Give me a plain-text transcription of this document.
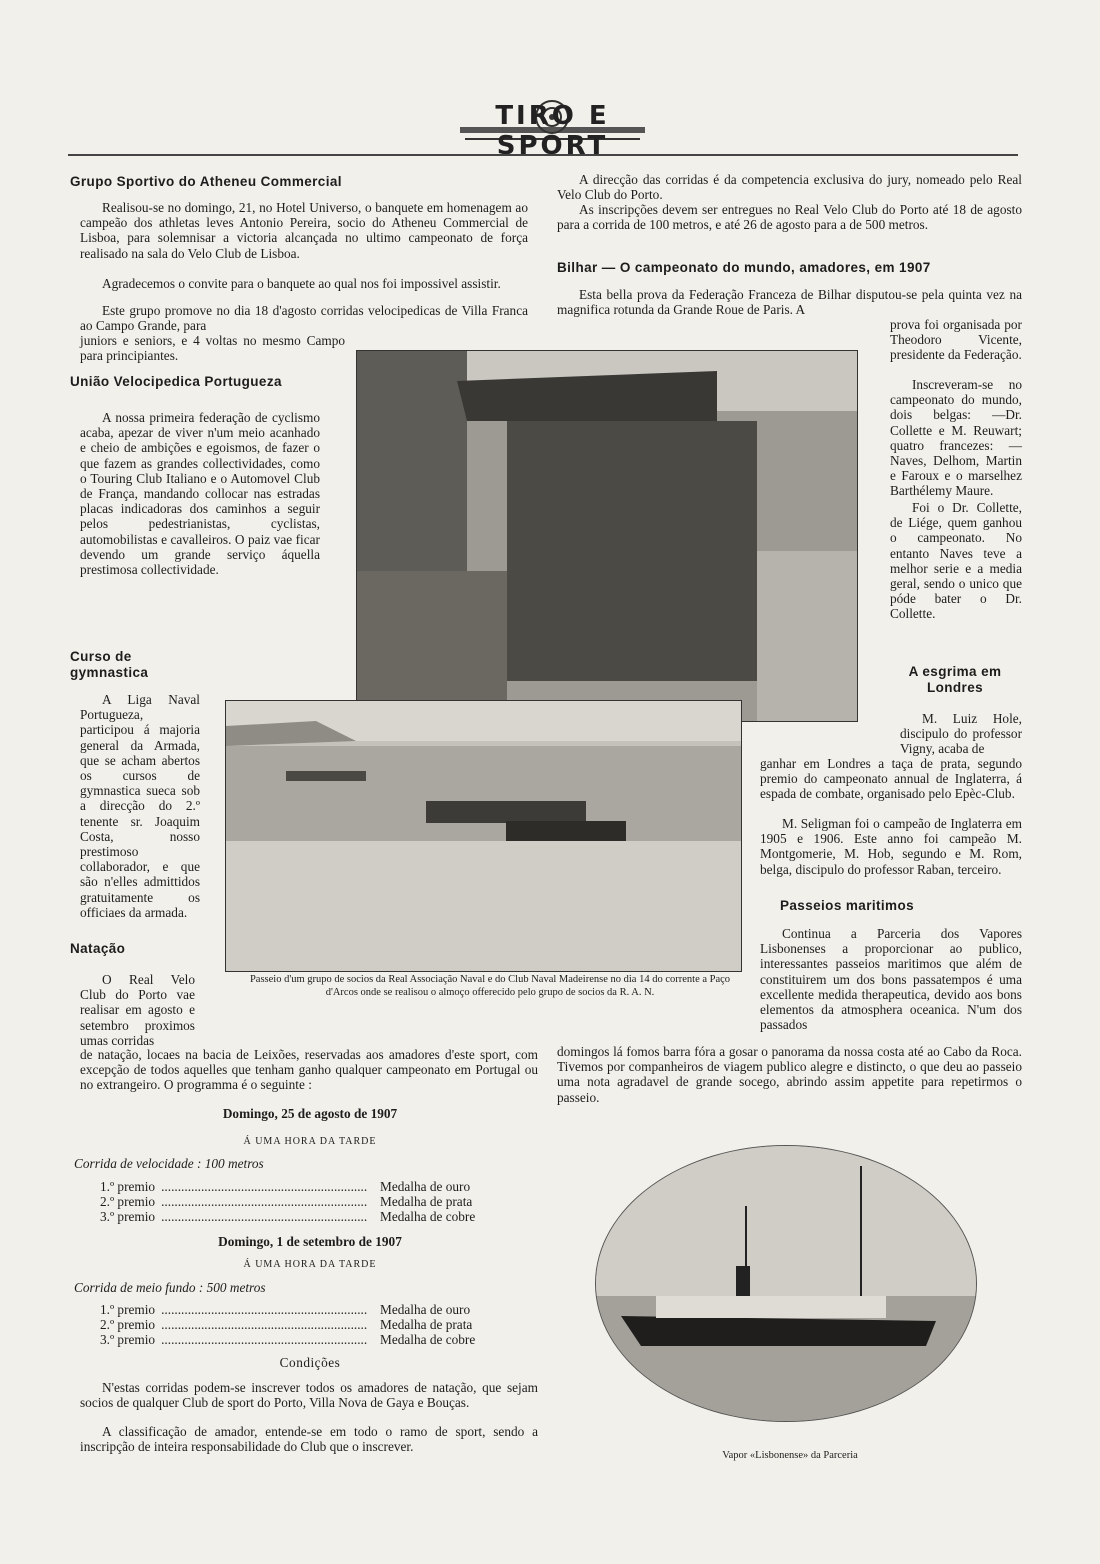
TIRO E SPORT
Grupo Sportivo do Atheneu Commercial

Realisou-se no domingo, 21, no Hotel Universo, o banquete em homenagem ao campeão dos athletas leves Antonio Pereira, socio do Atheneu Commercial de Lisboa, para solemnisar a victoria alcançada no ultimo campeonato de força realisado na sala do Velo Club de Lisboa.

Agradecemos o convite para o banquete ao qual nos foi impossivel assistir.

Este grupo promove no dia 18 d'agosto corridas velocipedicas de Villa Franca ao Campo Grande, para

juniors e seniors, e 4 voltas no mesmo Campo para principiantes.

União Velocipedica Portugueza

A nossa primeira federação de cyclismo acaba, apezar de viver n'um meio acanhado e cheio de ambições e egoismos, de fazer o que fazem as grandes collectividades, como o Touring Club Italiano e o Automovel Club de França, mandando collocar nas estradas placas indicadoras dos caminhos a seguir pelos pedestrianistas, cyclistas, automobilistas e cavalleiros. O paiz vae ficar devendo um grande serviço áquella prestimosa collectividade.

Curso de gymnastica

A Liga Naval Portugueza, participou á majoria general da Armada, que se acham abertos os cursos de gymnastica sueca sob a direcção do 2.º tenente sr. Joaquim Costa, nosso prestimoso collaborador, e que são n'elles admittidos gratuitamente os officiaes da armada.

Natação

O Real Velo Club do Porto vae realisar em agosto e setembro proximos umas corridas

de natação, locaes na bacia de Leixões, reservadas aos amadores d'este sport, com excepção de todos aquelles que tenham ganho qualquer campeonato em Portugal ou no extrangeiro. O programma é o seguinte :

Domingo, 25 de agosto de 1907
Á UMA HORA DA TARDE
Corrida de velocidade : 100 metros
1.º premio .............................................................. Medalha de ouro
2.º premio .............................................................. Medalha de prata
3.º premio .............................................................. Medalha de cobre
Domingo, 1 de setembro de 1907
Á UMA HORA DA TARDE
Corrida de meio fundo : 500 metros
1.º premio .............................................................. Medalha de ouro
2.º premio .............................................................. Medalha de prata
3.º premio .............................................................. Medalha de cobre
Condições

N'estas corridas podem-se inscrever todos os amadores de natação, que sejam socios de qualquer Club de sport do Porto, Villa Nova de Gaya e Bouças.

A classificação de amador, entende-se em todo o ramo de sport, sendo a inscripção de inteira responsabilidade do Club que o inscrever.

A direcção das corridas é da competencia exclusiva do jury, nomeado pelo Real Velo Club do Porto.

As inscripções devem ser entregues no Real Velo Club do Porto até 18 de agosto para a corrida de 100 metros, e até 26 de agosto para a de 500 metros.

Bilhar — O campeonato do mundo, amadores, em 1907

Esta bella prova da Federação Franceza de Bilhar disputou-se pela quinta vez na magnifica rotunda da Grande Roue de Paris. A

prova foi organisada por Theodoro Vicente, presidente da Federação.

Inscreveram-se no campeonato do mundo, dois belgas: —Dr. Collette e M. Reuwart; quatro francezes: —Naves, Delhom, Martin e Faroux e o marselhez Barthélemy Maure.

Foi o Dr. Collette, de Liége, quem ganhou o campeonato. No entanto Naves teve a melhor serie e a media geral, sendo o unico que póde bater o Dr. Collette.

A esgrima em Londres

M. Luiz Hole, discipulo do professor Vigny, acaba de

ganhar em Londres a taça de prata, segundo premio do campeonato annual de Inglaterra, á espada de combate, organisado pelo Epèc-Club.

M. Seligman foi o campeão de Inglaterra em 1905 e 1906. Este anno foi campeão M. Montgomerie, M. Hob, segundo e M. Rom, belga, discipulo do professor Raban, terceiro.

Passeios maritimos

Continua a Parceria dos Vapores Lisbonenses a proporcionar ao publico, interessantes passeios maritimos que além de constituirem um dos bons passatempos é uma excellente medida therapeutica, devido aos bons elementos da atmosphera oceanica. N'um dos passados

domingos lá fomos barra fóra a gosar o panorama da nossa costa até ao Cabo da Roca. Tivemos por companheiros de viagem publico alegre e distincto, o que deu ao passeio uma nota agradavel de grande socego, abrindo assim appetite para repetirmos o passeio.

Passeio d'um grupo de socios da Real Associação Naval e do Club Naval Madeirense no dia 14 do corrente a Paço d'Arcos onde se realisou o almoço offerecido pelo grupo de socios da R. A. N.
Vapor «Lisbonense» da Parceria
